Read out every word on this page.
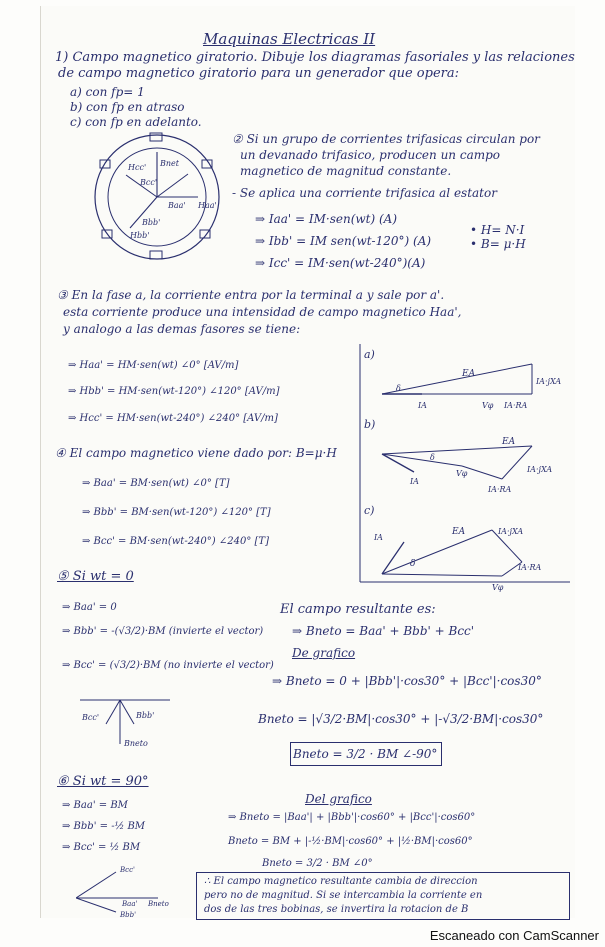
Maquinas Electricas II
1) Campo magnetico giratorio. Dibuje los diagramas fasoriales y las relaciones
de campo magnetico giratorio para un generador que opera:
a) con fp= 1
b) con fp en atraso
c) con fp en adelanto.
Hcc'
Baa' Haa'
Bbb'
Hbb'
Bcc'
Bnet
② Si un grupo de corrientes trifasicas circulan por
un devanado trifasico, producen un campo
magnetico de magnitud constante.
- Se aplica una corriente trifasica al estator
⇒ Iaa' = IM·sen(wt) (A)
⇒ Ibb' = IM sen(wt-120°) (A)
⇒ Icc' = IM·sen(wt-240°)(A)
• H= N·I
• B= μ·H
③ En la fase a, la corriente entra por la terminal a y sale por a'.
esta corriente produce una intensidad de campo magnetico Haa',
y analogo a las demas fasores se tiene:
⇒ Haa' = HM·sen(wt) ∠0° [AV/m]
⇒ Hbb' = HM·sen(wt-120°) ∠120° [AV/m]
⇒ Hcc' = HM·sen(wt-240°) ∠240° [AV/m]
④ El campo magnetico viene dado por: B=μ·H
⇒ Baa' = BM·sen(wt) ∠0° [T]
⇒ Bbb' = BM·sen(wt-120°) ∠120° [T]
⇒ Bcc' = BM·sen(wt-240°) ∠240° [T]
a)
EA
IA·jXA
IA	Vφ IA·RA
δ
b)
EA
IA·jXA
IA
Vφ
IA·RA
δ
c)
IA
EA	IA·jXA
IA·RA
Vφ
δ
⑤ Si wt = 0
⇒ Baa' = 0
⇒ Bbb' = -(√3/2)·BM (invierte el vector)
⇒ Bcc' = (√3/2)·BM (no invierte el vector)
El campo resultante es:
⇒ Bneto = Baa' + Bbb' + Bcc'
De grafico
⇒ Bneto = 0 + |Bbb'|·cos30° + |Bcc'|·cos30°
Bneto = |√3/2·BM|·cos30° + |-√3/2·BM|·cos30°
Bneto = 3/2 · BM ∠-90°
Bcc'	Bbb'
Bneto
⑥ Si wt = 90°
⇒ Baa' = BM
⇒ Bbb' = -½ BM
⇒ Bcc' = ½ BM
Del grafico
⇒ Bneto = |Baa'| + |Bbb'|·cos60° + |Bcc'|·cos60°
Bneto = BM + |-½·BM|·cos60° + |½·BM|·cos60°
Bneto = 3/2 · BM ∠0°
Bcc'
Baa' Bneto
Bbb'
∴ El campo magnetico resultante cambia de direccion
pero no de magnitud. Si se intercambia la corriente en
dos de las tres bobinas, se invertira la rotacion de B
Escaneado con CamScanner
